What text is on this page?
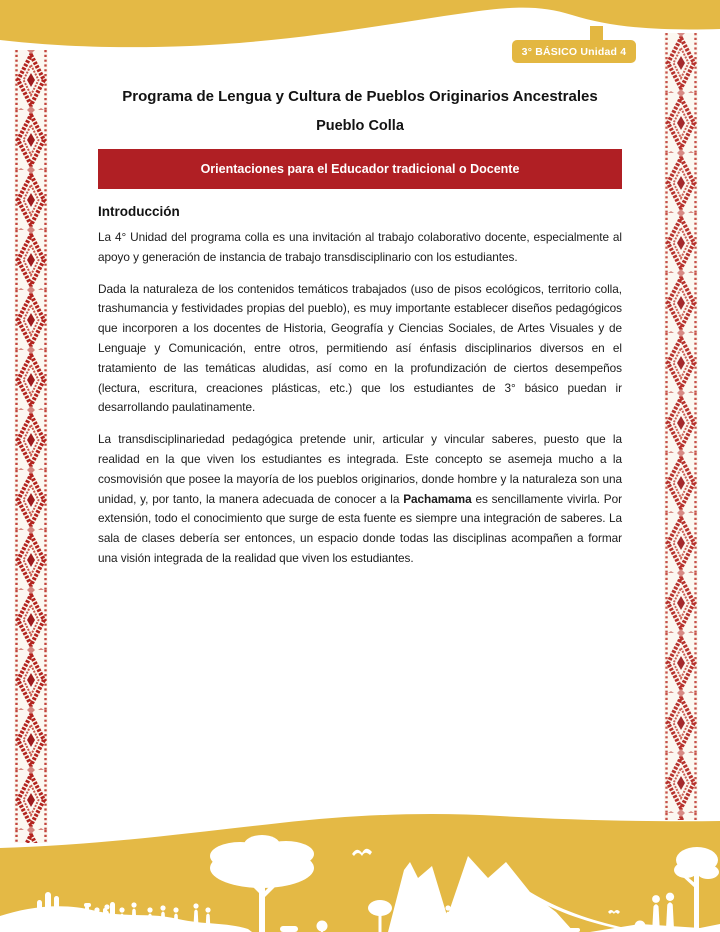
3° BÁSICO Unidad 4
Programa de Lengua y Cultura de Pueblos Originarios Ancestrales
Pueblo Colla
Orientaciones para el Educador tradicional o Docente
Introducción

La 4° Unidad del programa colla es una invitación al trabajo colaborativo docente, especialmente al apoyo y generación de instancia de trabajo transdisciplinario con los estudiantes.

Dada la naturaleza de los contenidos temáticos trabajados (uso de pisos ecológicos, territorio colla, trashumancia y festividades propias del pueblo), es muy importante establecer diseños pedagógicos que incorporen a los docentes de Historia, Geografía y Ciencias Sociales, de Artes Visuales y de Lenguaje y Comunicación, entre otros, permitiendo así énfasis disciplinarios diversos en el tratamiento de las temáticas aludidas, así como en la profundización de ciertos desempeños (lectura, escritura, creaciones plásticas, etc.) que los estudiantes de 3° básico puedan ir desarrollando paulatinamente.

La transdisciplinariedad pedagógica pretende unir, articular y vincular saberes, puesto que la realidad en la que viven los estudiantes es integrada. Este concepto se asemeja mucho a la cosmovisión que posee la mayoría de los pueblos originarios, donde hombre y la naturaleza son una unidad, y, por tanto, la manera adecuada de conocer a la Pachamama es sencillamente vivirla. Por extensión, todo el conocimiento que surge de esta fuente es siempre una integración de saberes. La sala de clases debería ser entonces, un espacio donde todas las disciplinas acompañen a formar una visión integrada de la realidad que viven los estudiantes.
